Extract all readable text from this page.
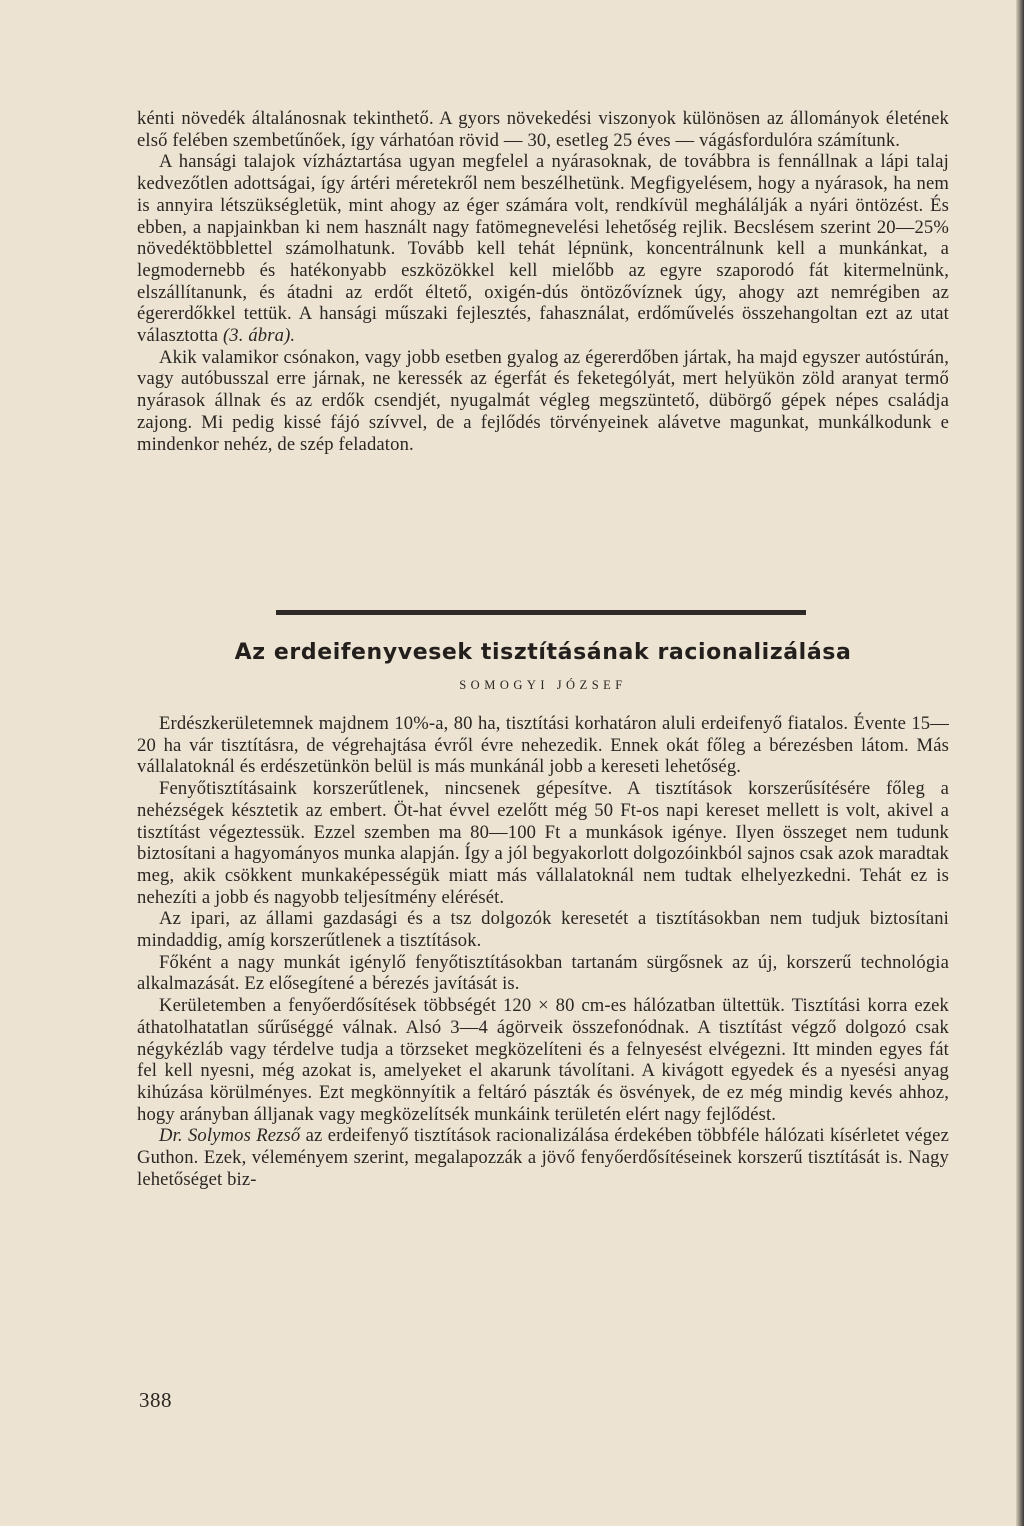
kénti növedék általánosnak tekinthető. A gyors növekedési viszonyok különösen az állományok életének első felében szembetűnőek, így várhatóan rövid — 30, esetleg 25 éves — vágásfordulóra számítunk.

A hansági talajok vízháztartása ugyan megfelel a nyárasoknak, de továbbra is fennállnak a lápi talaj kedvezőtlen adottságai, így ártéri méretekről nem beszélhetünk. Megfigyelésem, hogy a nyárasok, ha nem is annyira létszükségletük, mint ahogy az éger számára volt, rendkívül meghálálják a nyári öntözést. És ebben, a napjainkban ki nem használt nagy fatömegnevelési lehetőség rejlik. Becslésem szerint 20—25% növedéktöbblettel számolhatunk. Tovább kell tehát lépnünk, koncentrálnunk kell a munkánkat, a legmodernebb és hatékonyabb eszközökkel kell mielőbb az egyre szaporodó fát kitermelnünk, elszállítanunk, és átadni az erdőt éltető, oxigén-dús öntözővíznek úgy, ahogy azt nemrégiben az égererdőkkel tettük. A hansági műszaki fejlesztés, fahasználat, erdőművelés összehangoltan ezt az utat választotta (3. ábra).

Akik valamikor csónakon, vagy jobb esetben gyalog az égererdőben jártak, ha majd egyszer autóstúrán, vagy autóbusszal erre járnak, ne keressék az égerfát és feketególyát, mert helyükön zöld aranyat termő nyárasok állnak és az erdők csendjét, nyugalmát végleg megszüntető, dübörgő gépek népes családja zajong. Mi pedig kissé fájó szívvel, de a fejlődés törvényeinek alávetve magunkat, munkálkodunk e mindenkor nehéz, de szép feladaton.

Az erdeifenyvesek tisztításának racionalizálása

SOMOGYI JÓZSEF

Erdészkerületemnek majdnem 10%-a, 80 ha, tisztítási korhatáron aluli erdeifenyő fiatalos. Évente 15—20 ha vár tisztításra, de végrehajtása évről évre nehezedik. Ennek okát főleg a bérezésben látom. Más vállalatoknál és erdészetünkön belül is más munkánál jobb a kereseti lehetőség.

Fenyőtisztításaink korszerűtlenek, nincsenek gépesítve. A tisztítások korszerűsítésére főleg a nehézségek késztetik az embert. Öt-hat évvel ezelőtt még 50 Ft-os napi kereset mellett is volt, akivel a tisztítást végeztessük. Ezzel szemben ma 80—100 Ft a munkások igénye. Ilyen összeget nem tudunk biztosítani a hagyományos munka alapján. Így a jól begyakorlott dolgozóinkból sajnos csak azok maradtak meg, akik csökkent munkaképességük miatt más vállalatoknál nem tudtak elhelyezkedni. Tehát ez is nehezíti a jobb és nagyobb teljesítmény elérését.

Az ipari, az állami gazdasági és a tsz dolgozók keresetét a tisztításokban nem tudjuk biztosítani mindaddig, amíg korszerűtlenek a tisztítások.

Főként a nagy munkát igénylő fenyőtisztításokban tartanám sürgősnek az új, korszerű technológia alkalmazását. Ez elősegítené a bérezés javítását is.

Kerületemben a fenyőerdősítések többségét 120 × 80 cm-es hálózatban ültettük. Tisztítási korra ezek áthatolhatatlan sűrűséggé válnak. Alsó 3—4 ágörveik összefonódnak. A tisztítást végző dolgozó csak négykézláb vagy térdelve tudja a törzseket megközelíteni és a felnyesést elvégezni. Itt minden egyes fát fel kell nyesni, még azokat is, amelyeket el akarunk távolítani. A kivágott egyedek és a nyesési anyag kihúzása körülményes. Ezt megkönnyítik a feltáró pászták és ösvények, de ez még mindig kevés ahhoz, hogy arányban álljanak vagy megközelítsék munkáink területén elért nagy fejlődést.

Dr. Solymos Rezső az erdeifenyő tisztítások racionalizálása érdekében többféle hálózati kísérletet végez Guthon. Ezek, véleményem szerint, megalapozzák a jövő fenyőerdősítéseinek korszerű tisztítását is. Nagy lehetőséget biz-

388
